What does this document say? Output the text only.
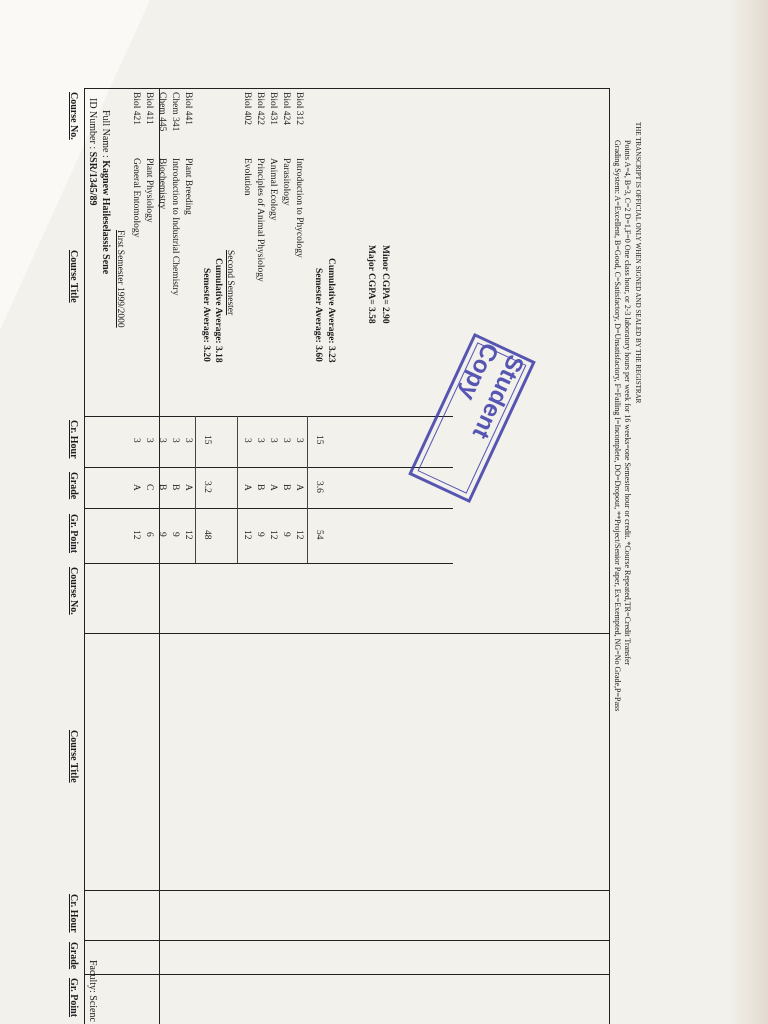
Full Name : Kagnew Haileselassie Sene
ID Number : SSR/1345/89
Faculty: Scienc
Course No.
Course Title
Cr. Hour
Grade
Gr. Point
Course No.
Course Title
Cr. Hour
Grade
Gr. Point
First Semester 1999/2000
Biol 421
General Entomology
3
A
12
Biol 411
Plant Physiology
3
C
6
Chem 445
Biochemistry
3
B
9
Chem 341
Introduction to Industrial Chemistry
3
B
9
Biol 441
Plant Breeding
3
A
12
15
3.2
48
Semester Average: 3.20 Cumulative Average: 3.18 Second Semester
Biol 402
Evolution
3
A
12
Biol 422
Principles of Animal Physiology
3
B
9
Biol 431
Animal Ecology
3
A
12
Biol 424
Parasitology
3
B
9
Biol 312
Introduction to Phycology
3
A
12
15
3.6
54
Semester Average: 3.60 Cumulative Average: 3.23	Major CGPA= 3.58 Minor CGPA= 2.90
Student Copy	Grading System: A=Excellent, B=Good, C=Satisfactory, D=Unsatisfactory, F=Failing I=Incomplete, DO=Dropout, **Project/Senior Paper, Ex=Exempted, NG=No Grade,P=Pass Points A=4, B=3, C=2 D=1,F=0 One class hour, or 2-3 laboratory hours per week for 16 weeks=one Semester hour or credit. *Course Repeated,TR=Credit Transfer THE TRANSCRIPT IS OFFICIAL ONLY WHEN SIGNED AND SEALED BY THE REGISTRAR
